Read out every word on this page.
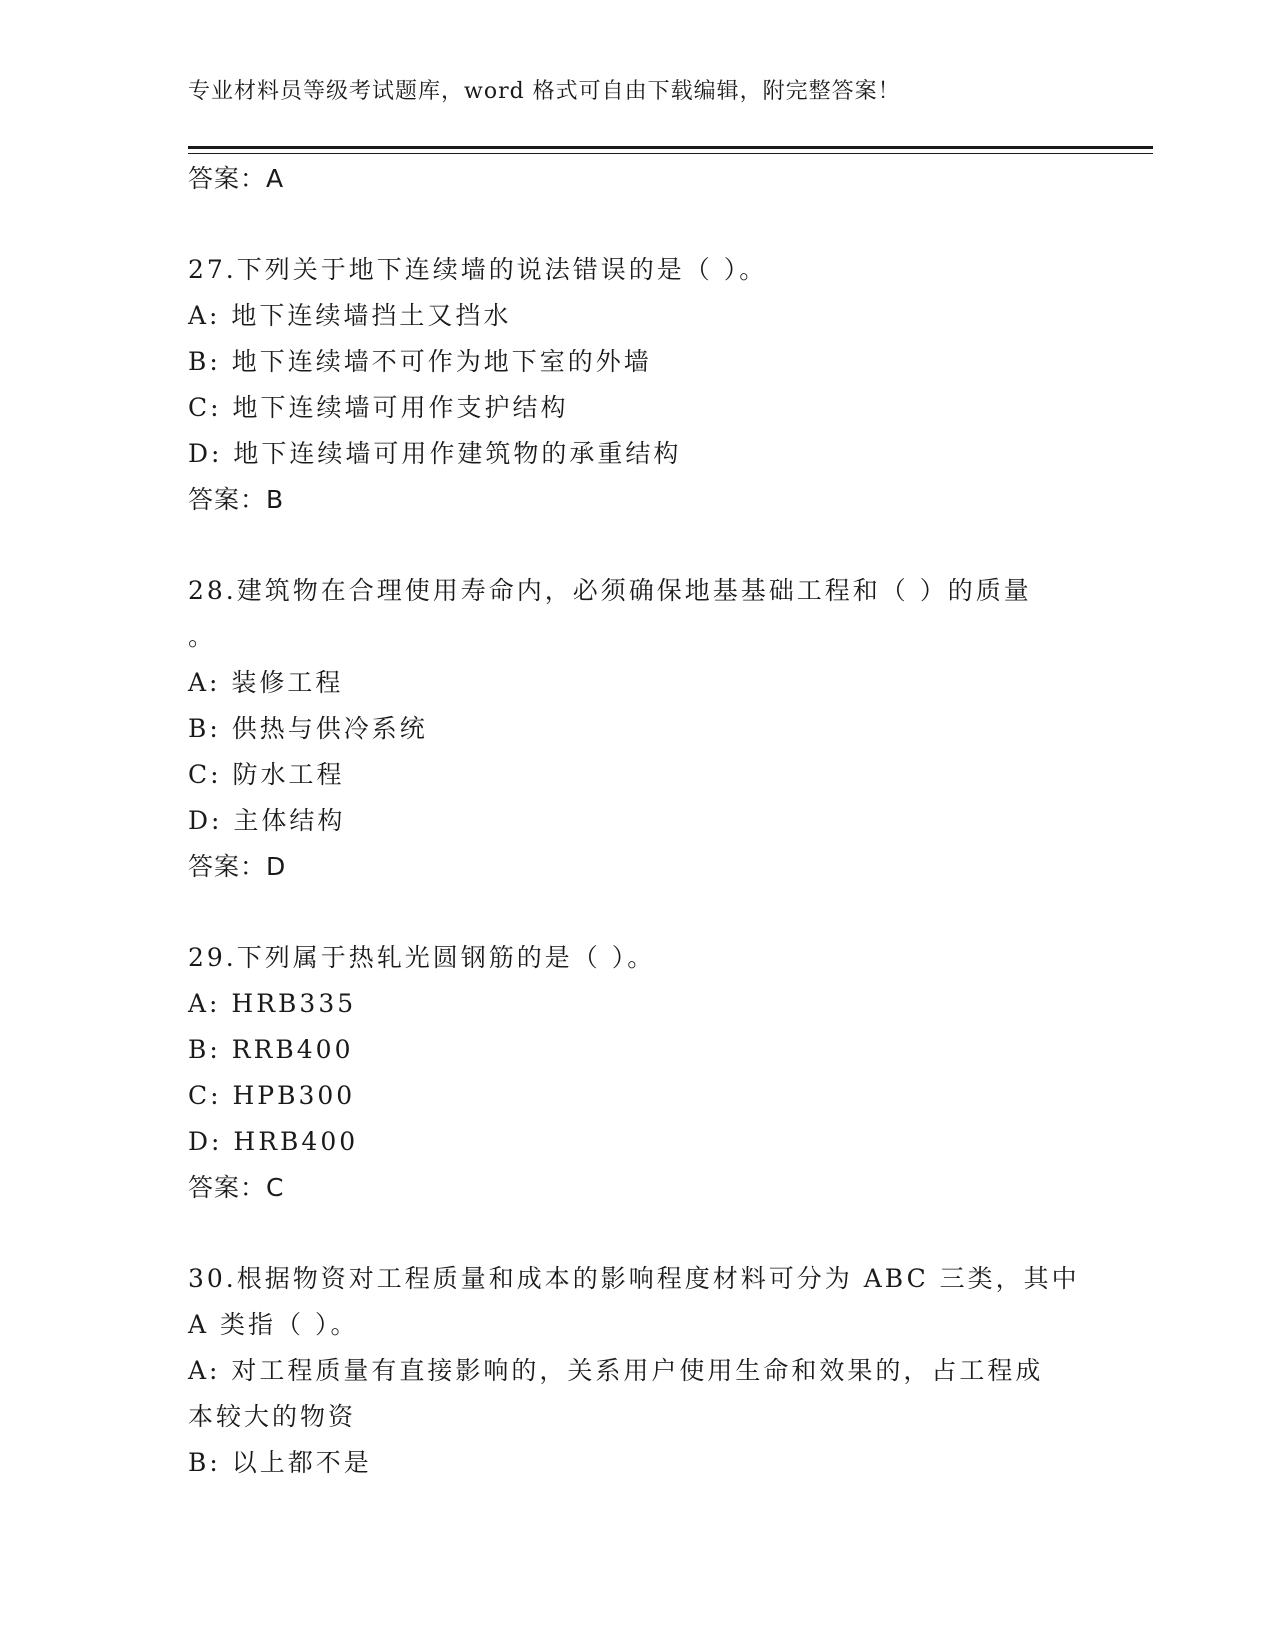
专业材料员等级考试题库，word 格式可自由下载编辑，附完整答案！
答案：A
27.下列关于地下连续墙的说法错误的是（ ）。
A: 地下连续墙挡土又挡水
B: 地下连续墙不可作为地下室的外墙
C: 地下连续墙可用作支护结构
D: 地下连续墙可用作建筑物的承重结构
答案：B
28.建筑物在合理使用寿命内，必须确保地基基础工程和（ ）的质量
。
A: 装修工程
B: 供热与供冷系统
C: 防水工程
D: 主体结构
答案：D
29.下列属于热轧光圆钢筋的是（ ）。
A: HRB335
B: RRB400
C: HPB300
D: HRB400
答案：C
30.根据物资对工程质量和成本的影响程度材料可分为 ABC 三类，其中
A 类指（ ）。
A: 对工程质量有直接影响的，关系用户使用生命和效果的，占工程成
本较大的物资
B: 以上都不是
